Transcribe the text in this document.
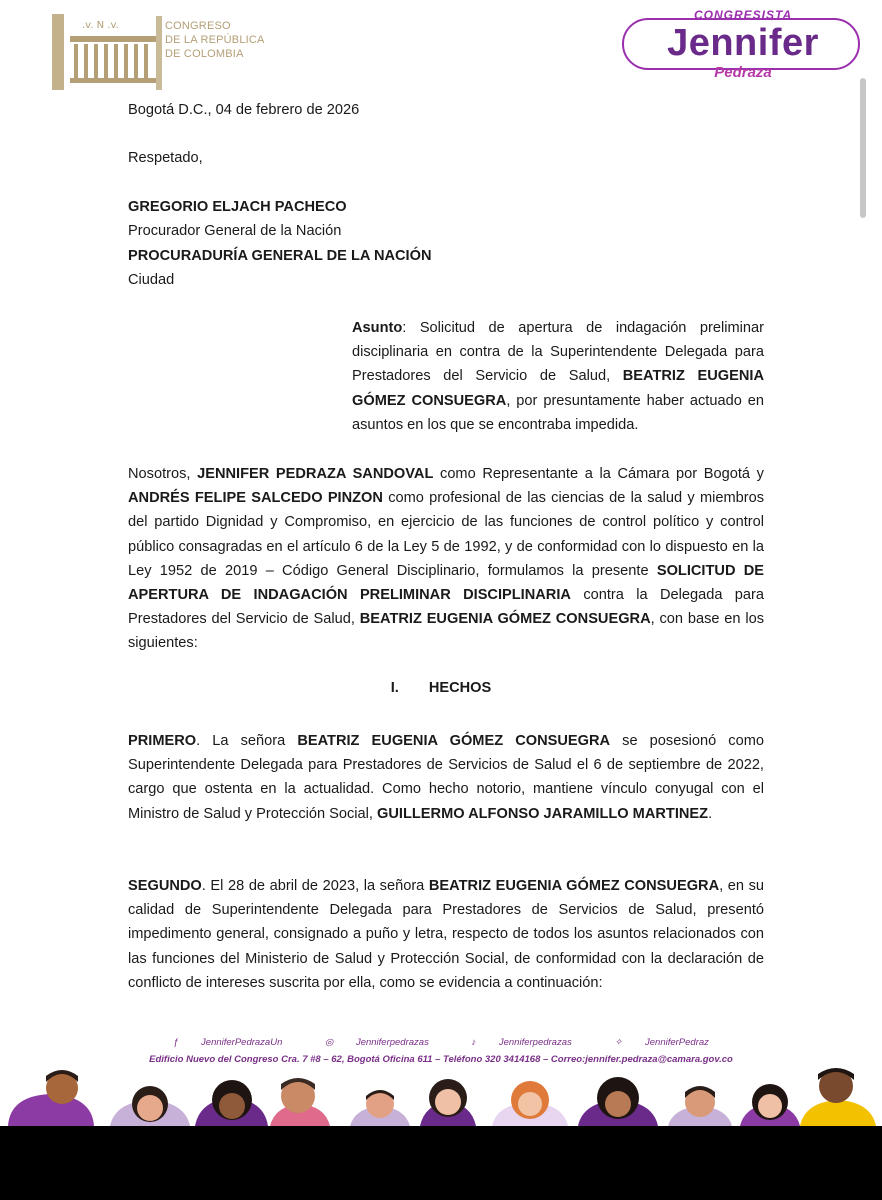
.v. N .v.	CONGRESO
DE LA REPÚBLICA
DE COLOMBIA
CONGRESISTA
Jennifer
Pedraza
Bogotá D.C., 04 de febrero de 2026
Respetado,
GREGORIO ELJACH PACHECO
Procurador General de la Nación
PROCURADURÍA GENERAL DE LA NACIÓN
Ciudad
Asunto: Solicitud de apertura de indagación preliminar disciplinaria en contra de la Superintendente Delegada para Prestadores del Servicio de Salud, BEATRIZ EUGENIA GÓMEZ CONSUEGRA, por presuntamente haber actuado en asuntos en los que se encontraba impedida.
Nosotros, JENNIFER PEDRAZA SANDOVAL como Representante a la Cámara por Bogotá y ANDRÉS FELIPE SALCEDO PINZON como profesional de las ciencias de la salud y miembros del partido Dignidad y Compromiso, en ejercicio de las funciones de control político y control público consagradas en el artículo 6 de la Ley 5 de 1992, y de conformidad con lo dispuesto en la Ley 1952 de 2019 – Código General Disciplinario, formulamos la presente SOLICITUD DE APERTURA DE INDAGACIÓN PRELIMINAR DISCIPLINARIA contra la Delegada para Prestadores del Servicio de Salud, BEATRIZ EUGENIA GÓMEZ CONSUEGRA, con base en los siguientes:
I. HECHOS
PRIMERO. La señora BEATRIZ EUGENIA GÓMEZ CONSUEGRA se posesionó como Superintendente Delegada para Prestadores de Servicios de Salud el 6 de septiembre de 2022, cargo que ostenta en la actualidad. Como hecho notorio, mantiene vínculo conyugal con el Ministro de Salud y Protección Social, GUILLERMO ALFONSO JARAMILLO MARTINEZ.
SEGUNDO. El 28 de abril de 2023, la señora BEATRIZ EUGENIA GÓMEZ CONSUEGRA, en su calidad de Superintendente Delegada para Prestadores de Servicios de Salud, presentó impedimento general, consignado a puño y letra, respecto de todos los asuntos relacionados con las funciones del Ministerio de Salud y Protección Social, de conformidad con la declaración de conflicto de intereses suscrita por ella, como se evidencia a continuación:
ƒ JenniferPedrazaUn	◎ Jenniferpedrazas	♪ Jenniferpedrazas	✧ JenniferPedraz
Edificio Nuevo del Congreso Cra. 7 #8 – 62, Bogotá Oficina 611 – Teléfono 320 3414168 – Correo:jennifer.pedraza@camara.gov.co
